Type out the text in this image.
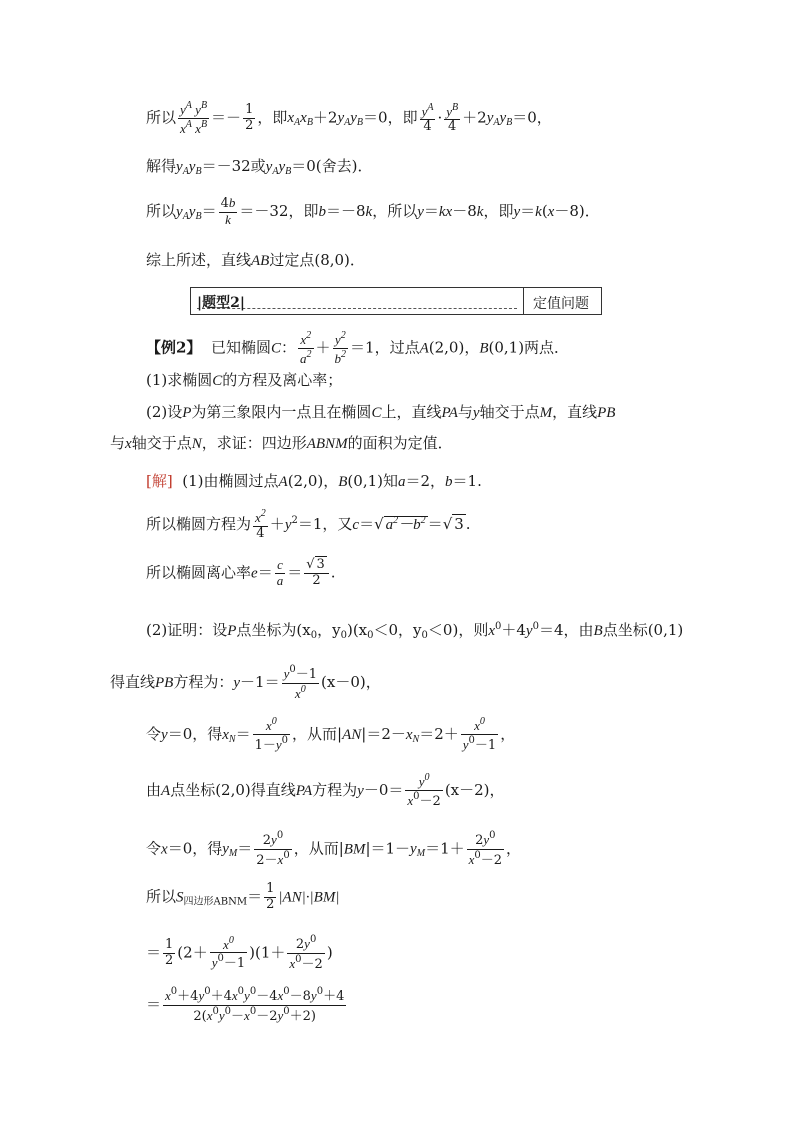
所以 $\frac{y^A y^B}{x^A x^B} =- \frac{1}{2}$ ，即$x_Ax_B+2y_Ay_B=0$，即 $\frac{y^A}{4} \cdot \frac{y^B}{4} +2y_Ay_B=0$，
解得$y_Ay_B=-32$或$y_Ay_B=0$(舍去)．
所以$y_Ay_B= \frac{4b}{k} =-32$，即b＝－8k，所以y＝kx－8k，即y＝k(x－8)．
综上所述，直线AB过定点(8,0)．
|题型2|	定值问题
【例2】 已知椭圆C： $\frac{x^2}{a^2} + \frac{y^2}{b^2} =1$，过点A(2,0)，B(0,1)两点．
(1)求椭圆C的方程及离心率；
(2)设P为第三象限内一点且在椭圆C上，直线PA与y轴交于点M，直线PB
与x轴交于点N，求证：四边形ABNM的面积为定值．
[解] (1)由椭圆过点A(2,0)，B(0,1)知a＝2，b＝1.
所以椭圆方程为 $\frac{x^2}{4} +y^2=1$，又c＝√ $a^2-b^2$ ＝√ 3 .
所以椭圆离心率$e= \frac{c}{a} = \frac{√ 3}{2}$ .
(2)证明：设P点坐标为($x_0$，$y_0)(x_0<0$，$y_0<0$)，则$x^0+4y^0=4$，由B点坐标(0,1)
得直线PB方程为：$y-1= \frac{y^0-1}{x^0} (x-0)$，
令y＝0，得$x_N= \frac{x^0}{1-y^0}$ ，从而$|AN|=2-x_N=2+ \frac{x^0}{y^0-1}$ ，
由A点坐标(2,0)得直线PA方程为$y-0= \frac{y^0}{x^0-2} (x-2)$，
令x＝0，得$y_M= \frac{2y^0}{2-x^0}$ ，从而$|BM|=1-y_M=1+ \frac{2y^0}{x^0-2}$ ，
所以$S_{四边形ABNM}= \frac{1}{2} |AN|\cdot|BM|$
＝ $\frac{1}{2} (2+ \frac{x^0}{y^0-1} )(1+ \frac{2y^0}{x^0-2}$ )
＝ $\frac{x^0+4y^0+4x^0y^0-4x^0-8y^0+4}{2(x^0y^0-x^0-2y^0+2)}$
